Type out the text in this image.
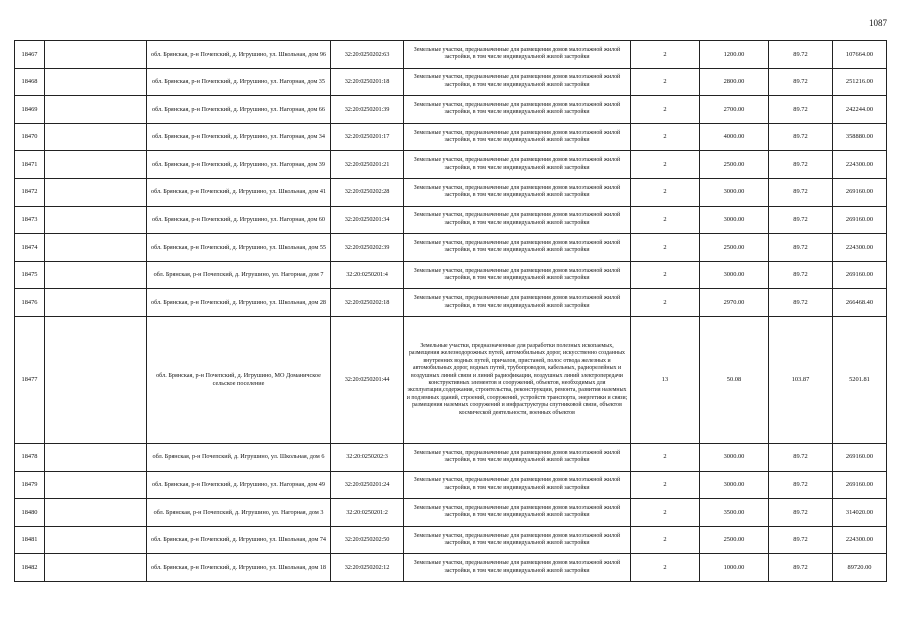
1087
18467		обл. Брянская, р-н Почепский, д. Игрушино, ул. Школьная, дом 96	32:20:0250202:63	Земельные участки, предназначенные для размещения домов малоэтажной жилой застройки, в том числе индивидуальной жилой застройки	2	1200.00	89.72	107664.00
18468		обл. Брянская, р-н Почепский, д. Игрушино, ул. Нагорная, дом 35	32:20:0250201:18	Земельные участки, предназначенные для размещения домов малоэтажной жилой застройки, в том числе индивидуальной жилой застройки	2	2800.00	89.72	251216.00
18469		обл. Брянская, р-н Почепский, д. Игрушино, ул. Нагорная, дом 66	32:20:0250201:39	Земельные участки, предназначенные для размещения домов малоэтажной жилой застройки, в том числе индивидуальной жилой застройки	2	2700.00	89.72	242244.00
18470		обл. Брянская, р-н Почепский, д. Игрушино, ул. Нагорная, дом 34	32:20:0250201:17	Земельные участки, предназначенные для размещения домов малоэтажной жилой застройки, в том числе индивидуальной жилой застройки	2	4000.00	89.72	358880.00
18471		обл. Брянская, р-н Почепский, д. Игрушино, ул. Нагорная, дом 39	32:20:0250201:21	Земельные участки, предназначенные для размещения домов малоэтажной жилой застройки, в том числе индивидуальной жилой застройки	2	2500.00	89.72	224300.00
18472		обл. Брянская, р-н Почепский, д. Игрушино, ул. Школьная, дом 41	32:20:0250202:28	Земельные участки, предназначенные для размещения домов малоэтажной жилой застройки, в том числе индивидуальной жилой застройки	2	3000.00	89.72	269160.00
18473		обл. Брянская, р-н Почепский, д. Игрушино, ул. Нагорная, дом 60	32:20:0250201:34	Земельные участки, предназначенные для размещения домов малоэтажной жилой застройки, в том числе индивидуальной жилой застройки	2	3000.00	89.72	269160.00
18474		обл. Брянская, р-н Почепский, д. Игрушино, ул. Школьная, дом 55	32:20:0250202:39	Земельные участки, предназначенные для размещения домов малоэтажной жилой застройки, в том числе индивидуальной жилой застройки	2	2500.00	89.72	224300.00
18475		обл. Брянская, р-н Почепский, д. Игрушино, ул. Нагорная, дом 7	32:20:0250201:4	Земельные участки, предназначенные для размещения домов малоэтажной жилой застройки, в том числе индивидуальной жилой застройки	2	3000.00	89.72	269160.00
18476		обл. Брянская, р-н Почепский, д. Игрушино, ул. Школьная, дом 28	32:20:0250202:18	Земельные участки, предназначенные для размещения домов малоэтажной жилой застройки, в том числе индивидуальной жилой застройки	2	2970.00	89.72	266468.40
18477		обл. Брянская, р-н Почепский, д. Игрушино, МО Доманичское сельское поселение	32:20:0250201:44	Земельные участки, предназначенные для разработки полезных ископаемых, размещения железнодорожных путей, автомобильных дорог, искусственно созданных внутренних водных путей, причалов, пристаней, полос отвода железных и автомобильных дорог, водных путей, трубопроводов, кабельных, радиорелейных и воздушных линий связи и линий радиофикации, воздушных линий электропередачи конструктивных элементов и сооружений, объектов, необходимых для эксплуатации,содержания, строительства, реконструкции, ремонта, развития наземных и подземных зданий, строений, сооружений, устройств транспорта, энергетики и связи; размещения наземных сооружений и инфраструктуры спутниковой связи, объектов космической деятельности, военных объектов	13	50.08	103.87	5201.81
18478		обл. Брянская, р-н Почепский, д. Игрушино, ул. Школьная, дом 6	32:20:0250202:3	Земельные участки, предназначенные для размещения домов малоэтажной жилой застройки, в том числе индивидуальной жилой застройки	2	3000.00	89.72	269160.00
18479		обл. Брянская, р-н Почепский, д. Игрушино, ул. Нагорная, дом 49	32:20:0250201:24	Земельные участки, предназначенные для размещения домов малоэтажной жилой застройки, в том числе индивидуальной жилой застройки	2	3000.00	89.72	269160.00
18480		обл. Брянская, р-н Почепский, д. Игрушино, ул. Нагорная, дом 3	32:20:0250201:2	Земельные участки, предназначенные для размещения домов малоэтажной жилой застройки, в том числе индивидуальной жилой застройки	2	3500.00	89.72	314020.00
18481		обл. Брянская, р-н Почепский, д. Игрушино, ул. Школьная, дом 74	32:20:0250202:50	Земельные участки, предназначенные для размещения домов малоэтажной жилой застройки, в том числе индивидуальной жилой застройки	2	2500.00	89.72	224300.00
18482		обл. Брянская, р-н Почепский, д. Игрушино, ул. Школьная, дом 18	32:20:0250202:12	Земельные участки, предназначенные для размещения домов малоэтажной жилой застройки, в том числе индивидуальной жилой застройки	2	1000.00	89.72	89720.00
